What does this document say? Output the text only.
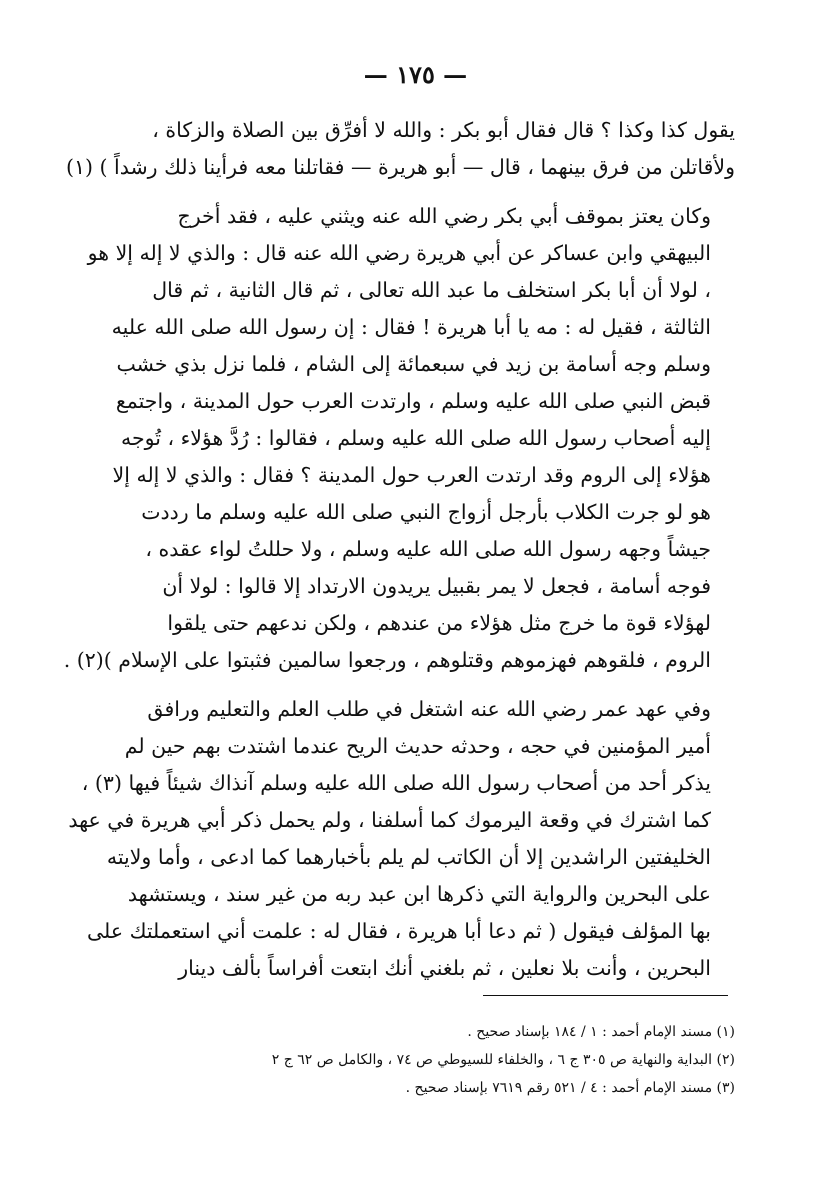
— ١٧٥ —

يقول كذا وكذا ؟ قال فقال أبو بكر : والله لا أفرِّق بين الصلاة والزكاة ،
ولأقاتلن من فرق بينهما ، قال — أبو هريرة — فقاتلنا معه فرأينا ذلك رشداً ) (١)

وكان يعتز بموقف أبي بكر رضي الله عنه ويثني عليه ، فقد أخرج
البيهقي وابن عساكر عن أبي هريرة رضي الله عنه قال : والذي لا إله إلا هو
، لولا أن أبا بكر استخلف ما عبد الله تعالى ، ثم قال الثانية ، ثم قال
الثالثة ، فقيل له : مه يا أبا هريرة ! فقال : إن رسول الله صلى الله عليه
وسلم وجه أسامة بن زيد في سبعمائة إلى الشام ، فلما نزل بذي خشب
قبض النبي صلى الله عليه وسلم ، وارتدت العرب حول المدينة ، واجتمع
إليه أصحاب رسول الله صلى الله عليه وسلم ، فقالوا : رُدَّ هؤلاء ، تُوجه
هؤلاء إلى الروم وقد ارتدت العرب حول المدينة ؟ فقال : والذي لا إله إلا
هو لو جرت الكلاب بأرجل أزواج النبي صلى الله عليه وسلم ما رددت
جيشاً وجهه رسول الله صلى الله عليه وسلم ، ولا حللتُ لواء عقده ،
فوجه أسامة ، فجعل لا يمر بقبيل يريدون الارتداد إلا قالوا : لولا أن
لهؤلاء قوة ما خرج مثل هؤلاء من عندهم ، ولكن ندعهم حتى يلقوا
الروم ، فلقوهم فهزموهم وقتلوهم ، ورجعوا سالمين فثبتوا على الإسلام )(٢) .

وفي عهد عمر رضي الله عنه اشتغل في طلب العلم والتعليم ورافق
أمير المؤمنين في حجه ، وحدثه حديث الريح عندما اشتدت بهم حين لم
يذكر أحد من أصحاب رسول الله صلى الله عليه وسلم آنذاك شيئاً فيها (٣) ،
كما اشترك في وقعة اليرموك كما أسلفنا ، ولم يحمل ذكر أبي هريرة في عهد
الخليفتين الراشدين إلا أن الكاتب لم يلم بأخبارهما كما ادعى ، وأما ولايته
على البحرين والرواية التي ذكرها ابن عبد ربه من غير سند ، ويستشهد
بها المؤلف فيقول ( ثم دعا أبا هريرة ، فقال له : علمت أني استعملتك على
البحرين ، وأنت بلا نعلين ، ثم بلغني أنك ابتعت أفراساً بألف دينار

(١) مسند الإمام أحمد : ١ / ١٨٤ بإسناد صحيح .
(٢) البداية والنهاية ص ٣٠٥ ج ٦ ، والخلفاء للسيوطي ص ٧٤ ، والكامل ص ٦٢ ج ٢
(٣) مسند الإمام أحمد : ٤ / ٥٢١ رقم ٧٦١٩ بإسناد صحيح .
